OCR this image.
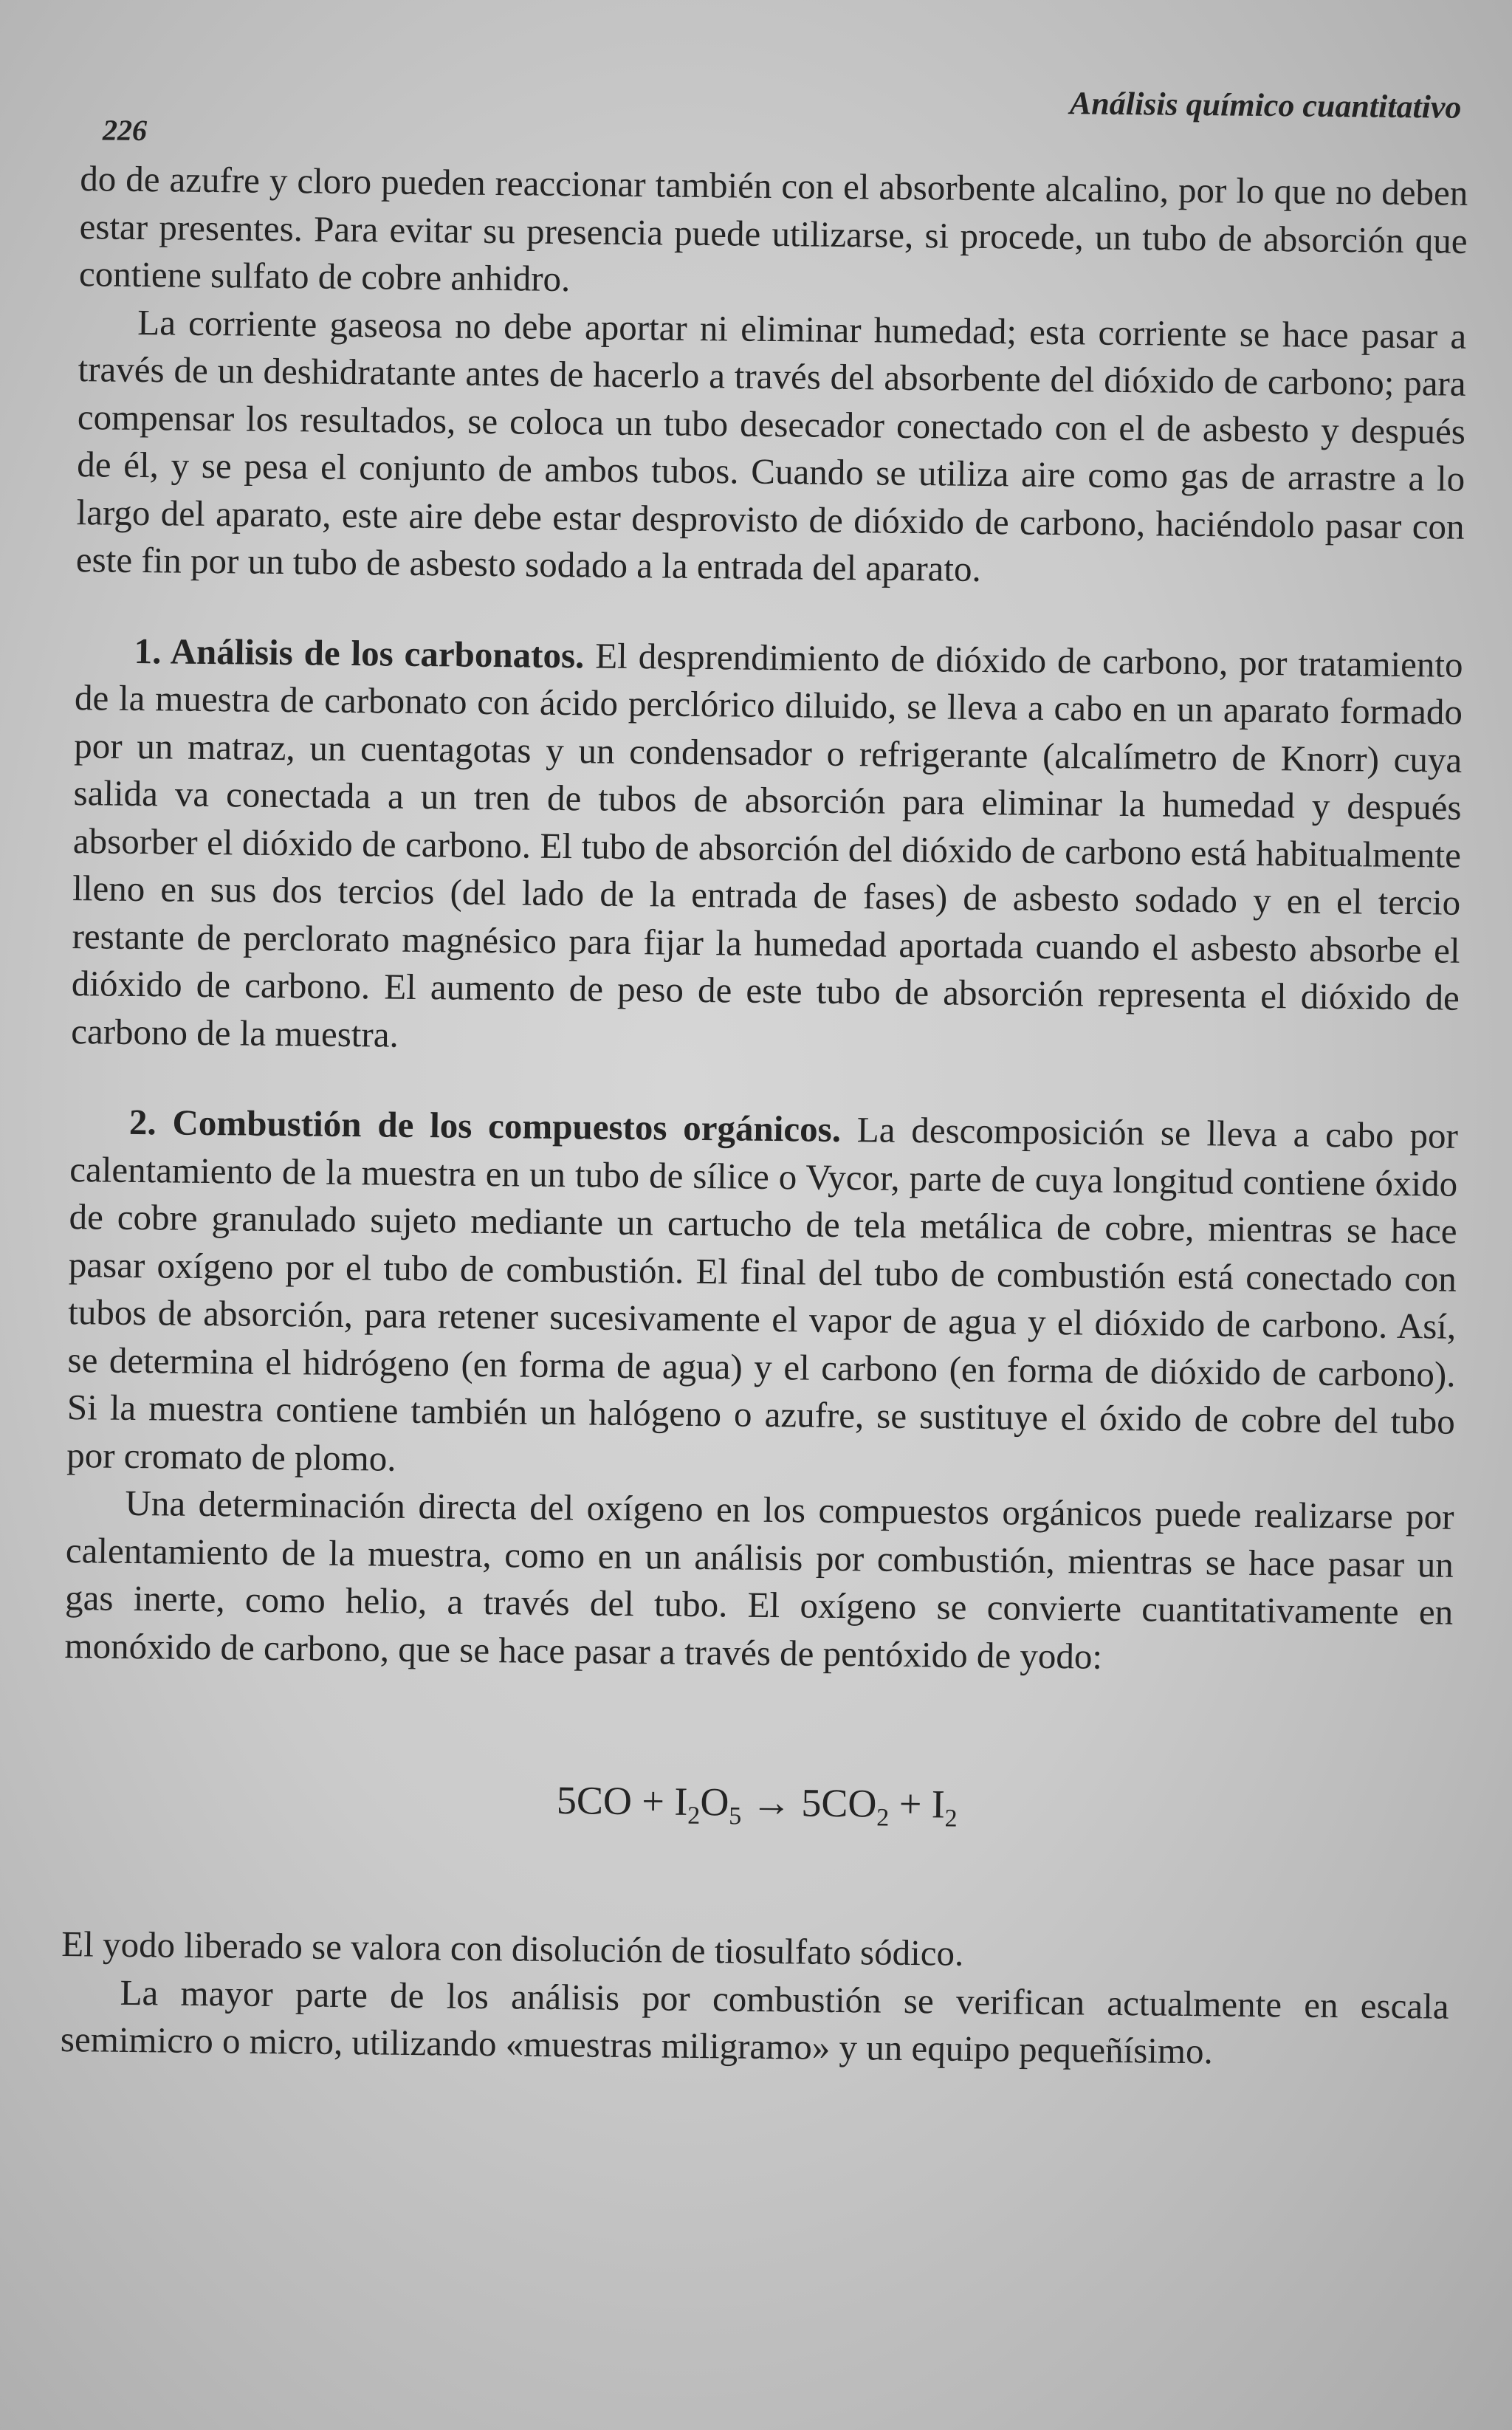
226
Análisis químico cuantitativo

do de azufre y cloro pueden reaccionar también con el absorbente alcalino, por lo que no deben estar presentes. Para evitar su presencia puede utilizarse, si procede, un tubo de absorción que contiene sulfato de cobre anhidro.

La corriente gaseosa no debe aportar ni eliminar humedad; esta corriente se hace pasar a través de un deshidratante antes de hacerlo a través del absorbente del dióxido de carbono; para compensar los resultados, se coloca un tubo desecador conectado con el de asbesto y después de él, y se pesa el conjunto de ambos tubos. Cuando se utiliza aire como gas de arrastre a lo largo del aparato, este aire debe estar desprovisto de dióxido de carbono, haciéndolo pasar con este fin por un tubo de asbesto sodado a la entrada del aparato.

1. Análisis de los carbonatos. El desprendimiento de dióxido de carbono, por tratamiento de la muestra de carbonato con ácido perclórico diluido, se lleva a cabo en un aparato formado por un matraz, un cuentagotas y un condensador o refrigerante (alcalímetro de Knorr) cuya salida va conectada a un tren de tubos de absorción para eliminar la humedad y después absorber el dióxido de carbono. El tubo de absorción del dióxido de carbono está habitualmente lleno en sus dos tercios (del lado de la entrada de fases) de asbesto sodado y en el tercio restante de perclorato magnésico para fijar la humedad aportada cuando el asbesto absorbe el dióxido de carbono. El aumento de peso de este tubo de absorción representa el dióxido de carbono de la muestra.

2. Combustión de los compuestos orgánicos. La descomposición se lleva a cabo por calentamiento de la muestra en un tubo de sílice o Vycor, parte de cuya longitud contiene óxido de cobre granulado sujeto mediante un cartucho de tela metálica de cobre, mientras se hace pasar oxígeno por el tubo de combustión. El final del tubo de combustión está conectado con tubos de absorción, para retener sucesivamente el vapor de agua y el dióxido de carbono. Así, se determina el hidrógeno (en forma de agua) y el carbono (en forma de dióxido de carbono). Si la muestra contiene también un halógeno o azufre, se sustituye el óxido de cobre del tubo por cromato de plomo.

Una determinación directa del oxígeno en los compuestos orgánicos puede realizarse por calentamiento de la muestra, como en un análisis por combustión, mientras se hace pasar un gas inerte, como helio, a través del tubo. El oxígeno se convierte cuantitativamente en monóxido de carbono, que se hace pasar a través de pentóxido de yodo:

$5CO + I_2O_5 \to 5CO_2 + I_2$

El yodo liberado se valora con disolución de tiosulfato sódico.

La mayor parte de los análisis por combustión se verifican actualmente en escala semimicro o micro, utilizando «muestras miligramo» y un equipo pequeñísimo.
